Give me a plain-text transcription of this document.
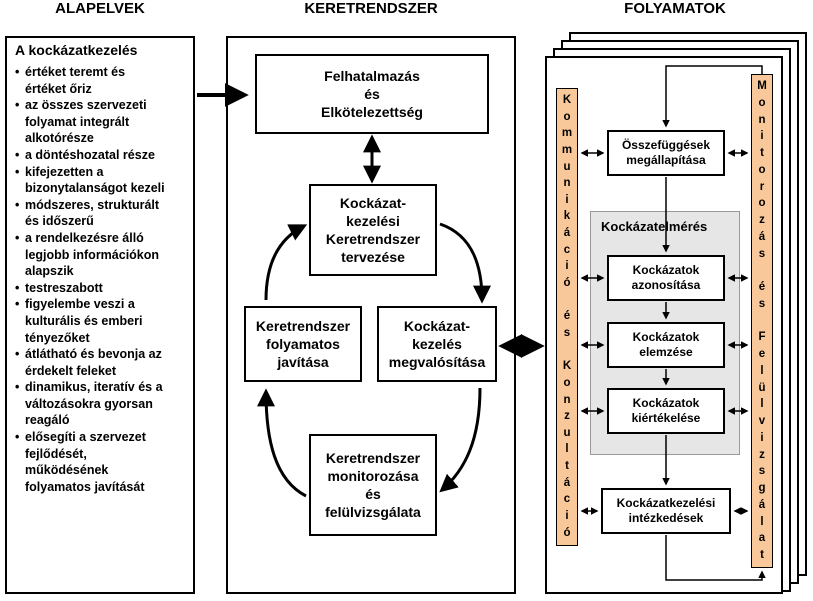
ALAPELVEK	KERETRENDSZER	FOLYAMATOK
A kockázatkezelés
• értéket teremt és
értéket őriz
• az összes szervezeti
folyamat integrált
alkotórésze
• a döntéshozatal része
• kifejezetten a
bizonytalanságot kezeli
• módszeres, strukturált
és időszerű
• a rendelkezésre álló
legjobb információkon
alapszik
• testreszabott
• figyelembe veszi a
kulturális és emberi
tényezőket
• átlátható és bevonja az
érdekelt feleket
• dinamikus, iteratív és a
változásokra gyorsan
reagáló
• elősegíti a szervezet
fejlődését,
működésének
folyamatos javítását
Felhatalmazás
és
Elkötelezettség
Kockázat-
kezelési
Keretrendszer
tervezése
Keretrendszer
folyamatos
javítása
Kockázat-
kezelés
megvalósítása
Keretrendszer
monitorozása
és
felülvizsgálata
K
o
m
m
u
n
i
k
á
c
i
ó

é
s

K
o
n
z
u
l
t
á
c
i
ó
M
o
n
i
t
o
r
o
z
á
s

é
s

F
e
l
ü
l
v
i
z
s
g
á
l
a
t
Kockázatelmérés
Összefüggések
megállapítása
Kockázatok
azonosítása
Kockázatok
elemzése
Kockázatok
kiértékelése
Kockázatkezelési
intézkedések
